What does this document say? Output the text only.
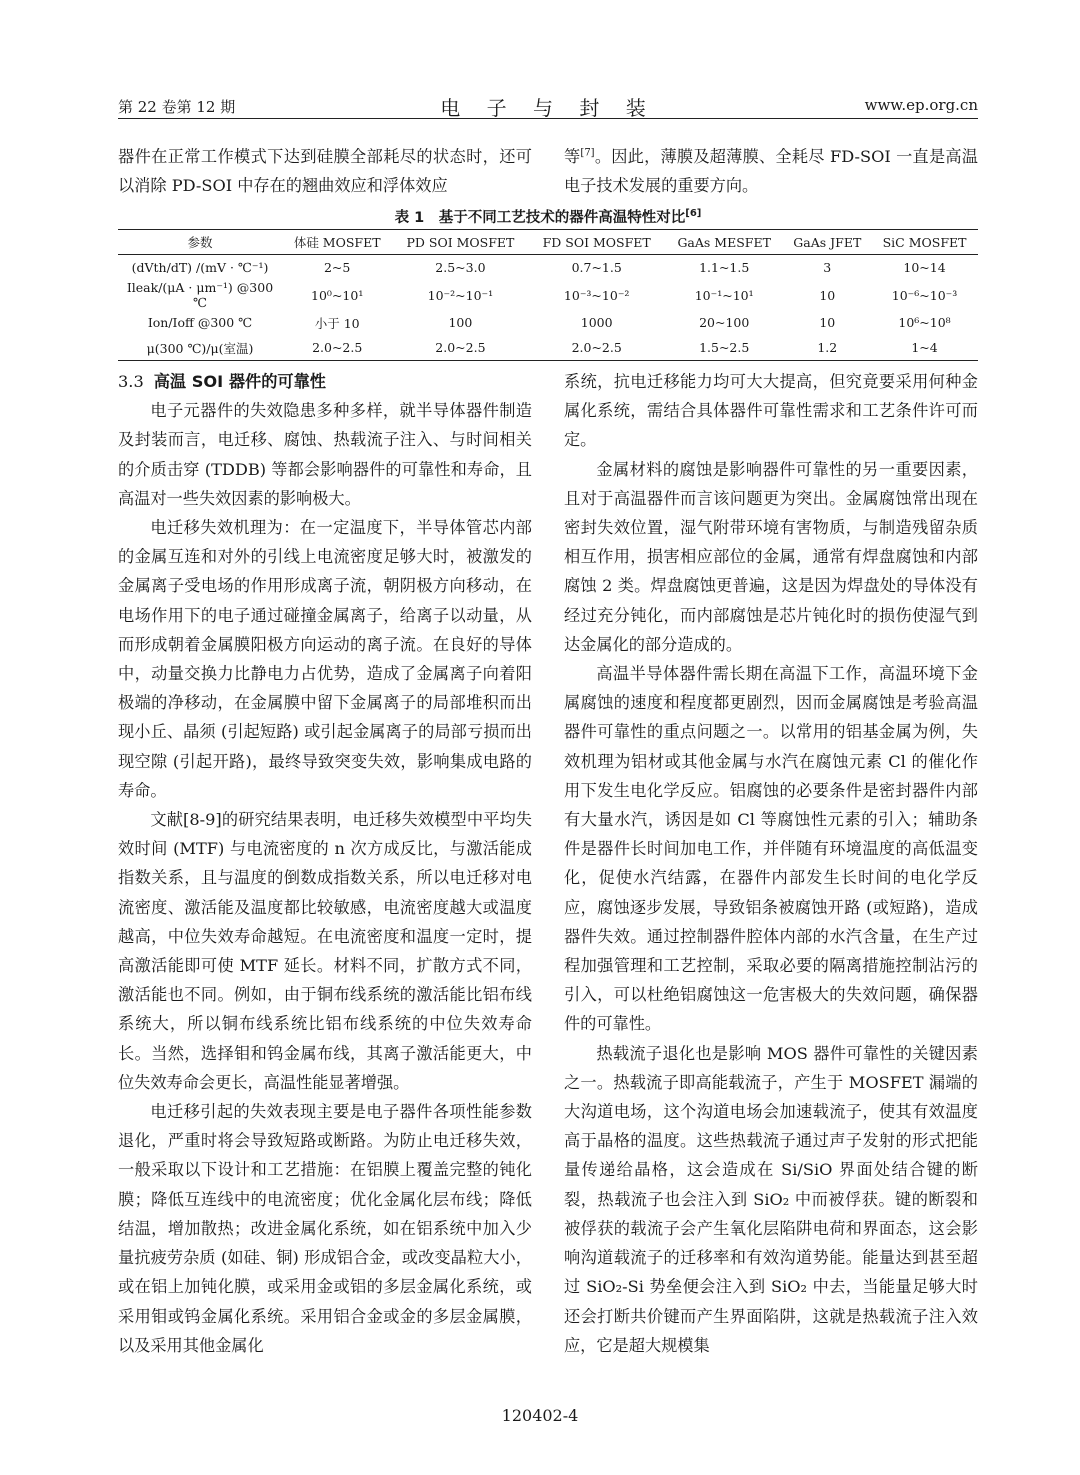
第 22 卷第 12 期	电 子 与 封 装	www.ep.org.cn

器件在正常工作模式下达到硅膜全部耗尽的状态时，还可以消除 PD-SOI 中存在的翘曲效应和浮体效应

等[7]。因此，薄膜及超薄膜、全耗尽 FD-SOI 一直是高温电子技术发展的重要方向。

表 1　基于不同工艺技术的器件高温特性对比[6]
参数	体硅 MOSFET	PD SOI MOSFET	FD SOI MOSFET	GaAs MESFET	GaAs JFET	SiC MOSFET
(dVth/dT) /(mV · ℃⁻¹)	2~5	2.5~3.0	0.7~1.5	1.1~1.5	3	10~14
Ileak/(μA · μm⁻¹) @300 ℃	10⁰~10¹	10⁻²~10⁻¹	10⁻³~10⁻²	10⁻¹~10¹	10	10⁻⁶~10⁻³
Ion/Ioff @300 ℃	小于 10	100	1000	20~100	10	10⁶~10⁸
μ(300 ℃)/μ(室温)	2.0~2.5	2.0~2.5	2.0~2.5	1.5~2.5	1.2	1~4
3.3 高温 SOI 器件的可靠性

电子元器件的失效隐患多种多样，就半导体器件制造及封装而言，电迁移、腐蚀、热载流子注入、与时间相关的介质击穿 (TDDB) 等都会影响器件的可靠性和寿命，且高温对一些失效因素的影响极大。

电迁移失效机理为：在一定温度下，半导体管芯内部的金属互连和对外的引线上电流密度足够大时，被激发的金属离子受电场的作用形成离子流，朝阴极方向移动，在电场作用下的电子通过碰撞金属离子，给离子以动量，从而形成朝着金属膜阳极方向运动的离子流。在良好的导体中，动量交换力比静电力占优势，造成了金属离子向着阳极端的净移动，在金属膜中留下金属离子的局部堆积而出现小丘、晶须 (引起短路) 或引起金属离子的局部亏损而出现空隙 (引起开路)，最终导致突变失效，影响集成电路的寿命。

文献[8-9]的研究结果表明，电迁移失效模型中平均失效时间 (MTF) 与电流密度的 n 次方成反比，与激活能成指数关系，且与温度的倒数成指数关系，所以电迁移对电流密度、激活能及温度都比较敏感，电流密度越大或温度越高，中位失效寿命越短。在电流密度和温度一定时，提高激活能即可使 MTF 延长。材料不同，扩散方式不同，激活能也不同。例如，由于铜布线系统的激活能比铝布线系统大，所以铜布线系统比铝布线系统的中位失效寿命长。当然，选择钼和钨金属布线，其离子激活能更大，中位失效寿命会更长，高温性能显著增强。

电迁移引起的失效表现主要是电子器件各项性能参数退化，严重时将会导致短路或断路。为防止电迁移失效，一般采取以下设计和工艺措施：在铝膜上覆盖完整的钝化膜；降低互连线中的电流密度；优化金属化层布线；降低结温，增加散热；改进金属化系统，如在铝系统中加入少量抗疲劳杂质 (如硅、铜) 形成铝合金，或改变晶粒大小，或在铝上加钝化膜，或采用金或铝的多层金属化系统，或采用钼或钨金属化系统。采用铝合金或金的多层金属膜，以及采用其他金属化

系统，抗电迁移能力均可大大提高，但究竟要采用何种金属化系统，需结合具体器件可靠性需求和工艺条件许可而定。

金属材料的腐蚀是影响器件可靠性的另一重要因素，且对于高温器件而言该问题更为突出。金属腐蚀常出现在密封失效位置，湿气附带环境有害物质，与制造残留杂质相互作用，损害相应部位的金属，通常有焊盘腐蚀和内部腐蚀 2 类。焊盘腐蚀更普遍，这是因为焊盘处的导体没有经过充分钝化，而内部腐蚀是芯片钝化时的损伤使湿气到达金属化的部分造成的。

高温半导体器件需长期在高温下工作，高温环境下金属腐蚀的速度和程度都更剧烈，因而金属腐蚀是考验高温器件可靠性的重点问题之一。以常用的铝基金属为例，失效机理为铝材或其他金属与水汽在腐蚀元素 Cl 的催化作用下发生电化学反应。铝腐蚀的必要条件是密封器件内部有大量水汽，诱因是如 Cl 等腐蚀性元素的引入；辅助条件是器件长时间加电工作，并伴随有环境温度的高低温变化，促使水汽结露，在器件内部发生长时间的电化学反应，腐蚀逐步发展，导致铝条被腐蚀开路 (或短路)，造成器件失效。通过控制器件腔体内部的水汽含量，在生产过程加强管理和工艺控制，采取必要的隔离措施控制沾污的引入，可以杜绝铝腐蚀这一危害极大的失效问题，确保器件的可靠性。

热载流子退化也是影响 MOS 器件可靠性的关键因素之一。热载流子即高能载流子，产生于 MOSFET 漏端的大沟道电场，这个沟道电场会加速载流子，使其有效温度高于晶格的温度。这些热载流子通过声子发射的形式把能量传递给晶格，这会造成在 Si/SiO 界面处结合键的断裂，热载流子也会注入到 SiO₂ 中而被俘获。键的断裂和被俘获的载流子会产生氧化层陷阱电荷和界面态，这会影响沟道载流子的迁移率和有效沟道势能。能量达到甚至超过 SiO₂-Si 势垒便会注入到 SiO₂ 中去，当能量足够大时还会打断共价键而产生界面陷阱，这就是热载流子注入效应，它是超大规模集

120402-4
